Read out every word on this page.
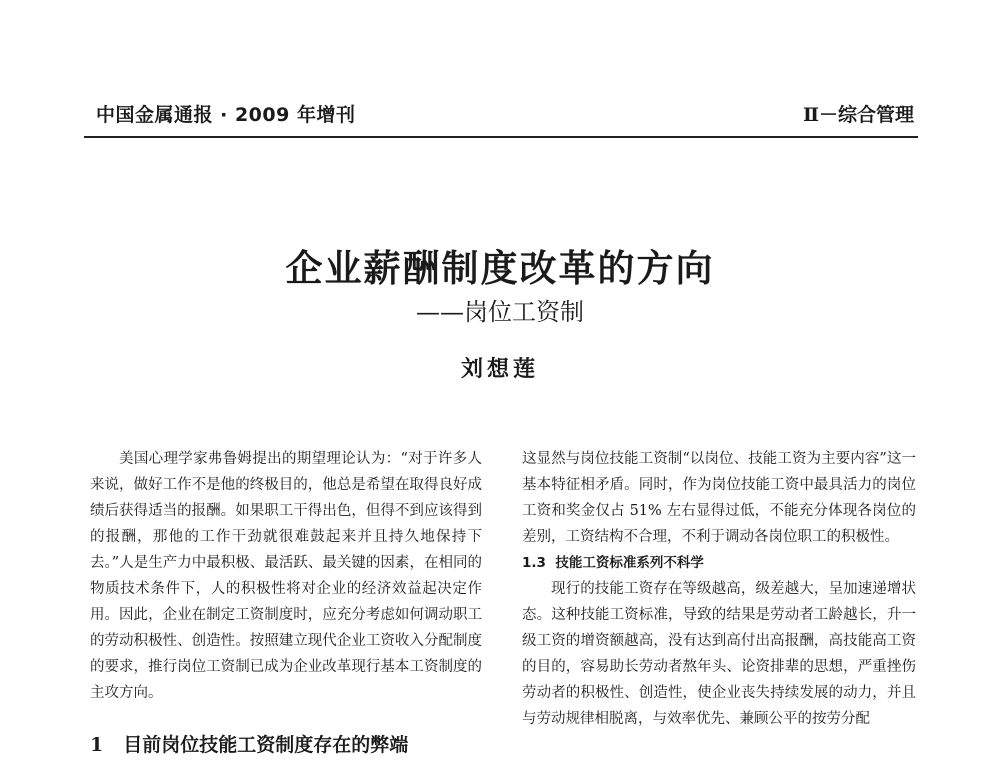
中国金属通报 · 2009 年增刊	Ⅱ－综合管理
企业薪酬制度改革的方向
——岗位工资制
刘想莲

美国心理学家弗鲁姆提出的期望理论认为：“对于许多人来说，做好工作不是他的终极目的，他总是希望在取得良好成绩后获得适当的报酬。如果职工干得出色，但得不到应该得到的报酬，那他的工作干劲就很难鼓起来并且持久地保持下去。”人是生产力中最积极、最活跃、最关键的因素，在相同的物质技术条件下，人的积极性将对企业的经济效益起决定作用。因此，企业在制定工资制度时，应充分考虑如何调动职工的劳动积极性、创造性。按照建立现代企业工资收入分配制度的要求，推行岗位工资制已成为企业改革现行基本工资制度的主攻方向。

1 目前岗位技能工资制度存在的弊端

这显然与岗位技能工资制“以岗位、技能工资为主要内容”这一基本特征相矛盾。同时，作为岗位技能工资中最具活力的岗位工资和奖金仅占 51% 左右显得过低，不能充分体现各岗位的差别，工资结构不合理，不利于调动各岗位职工的积极性。

1.3 技能工资标准系列不科学

现行的技能工资存在等级越高，级差越大，呈加速递增状态。这种技能工资标准，导致的结果是劳动者工龄越长，升一级工资的增资额越高，没有达到高付出高报酬，高技能高工资的目的，容易助长劳动者熬年头、论资排辈的思想，严重挫伤劳动者的积极性、创造性，使企业丧失持续发展的动力，并且与劳动规律相脱离，与效率优先、兼顾公平的按劳分配
